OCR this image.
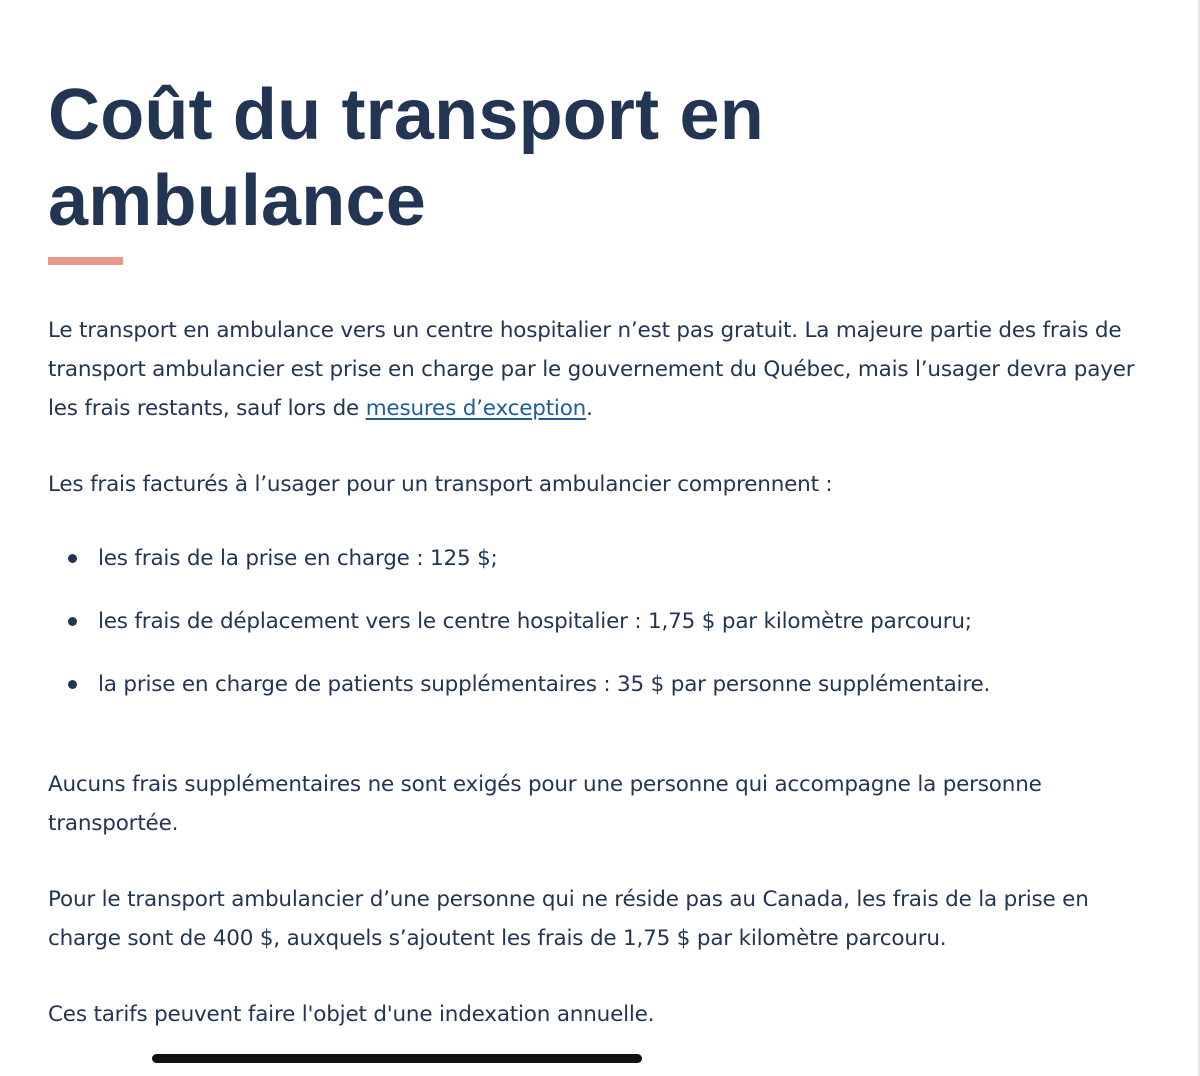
Coût du transport en ambulance

Le transport en ambulance vers un centre hospitalier n’est pas gratuit. La majeure partie des frais de transport ambulancier est prise en charge par le gouvernement du Québec, mais l’usager devra payer les frais restants, sauf lors de mesures d’exception.

Les frais facturés à l’usager pour un transport ambulancier comprennent :

les frais de la prise en charge : 125 $;
les frais de déplacement vers le centre hospitalier : 1,75 $ par kilomètre parcouru;
la prise en charge de patients supplémentaires : 35 $ par personne supplémentaire.

Aucuns frais supplémentaires ne sont exigés pour une personne qui accompagne la personne transportée.

Pour le transport ambulancier d’une personne qui ne réside pas au Canada, les frais de la prise en charge sont de 400 $, auxquels s’ajoutent les frais de 1,75 $ par kilomètre parcouru.

Ces tarifs peuvent faire l'objet d'une indexation annuelle.
